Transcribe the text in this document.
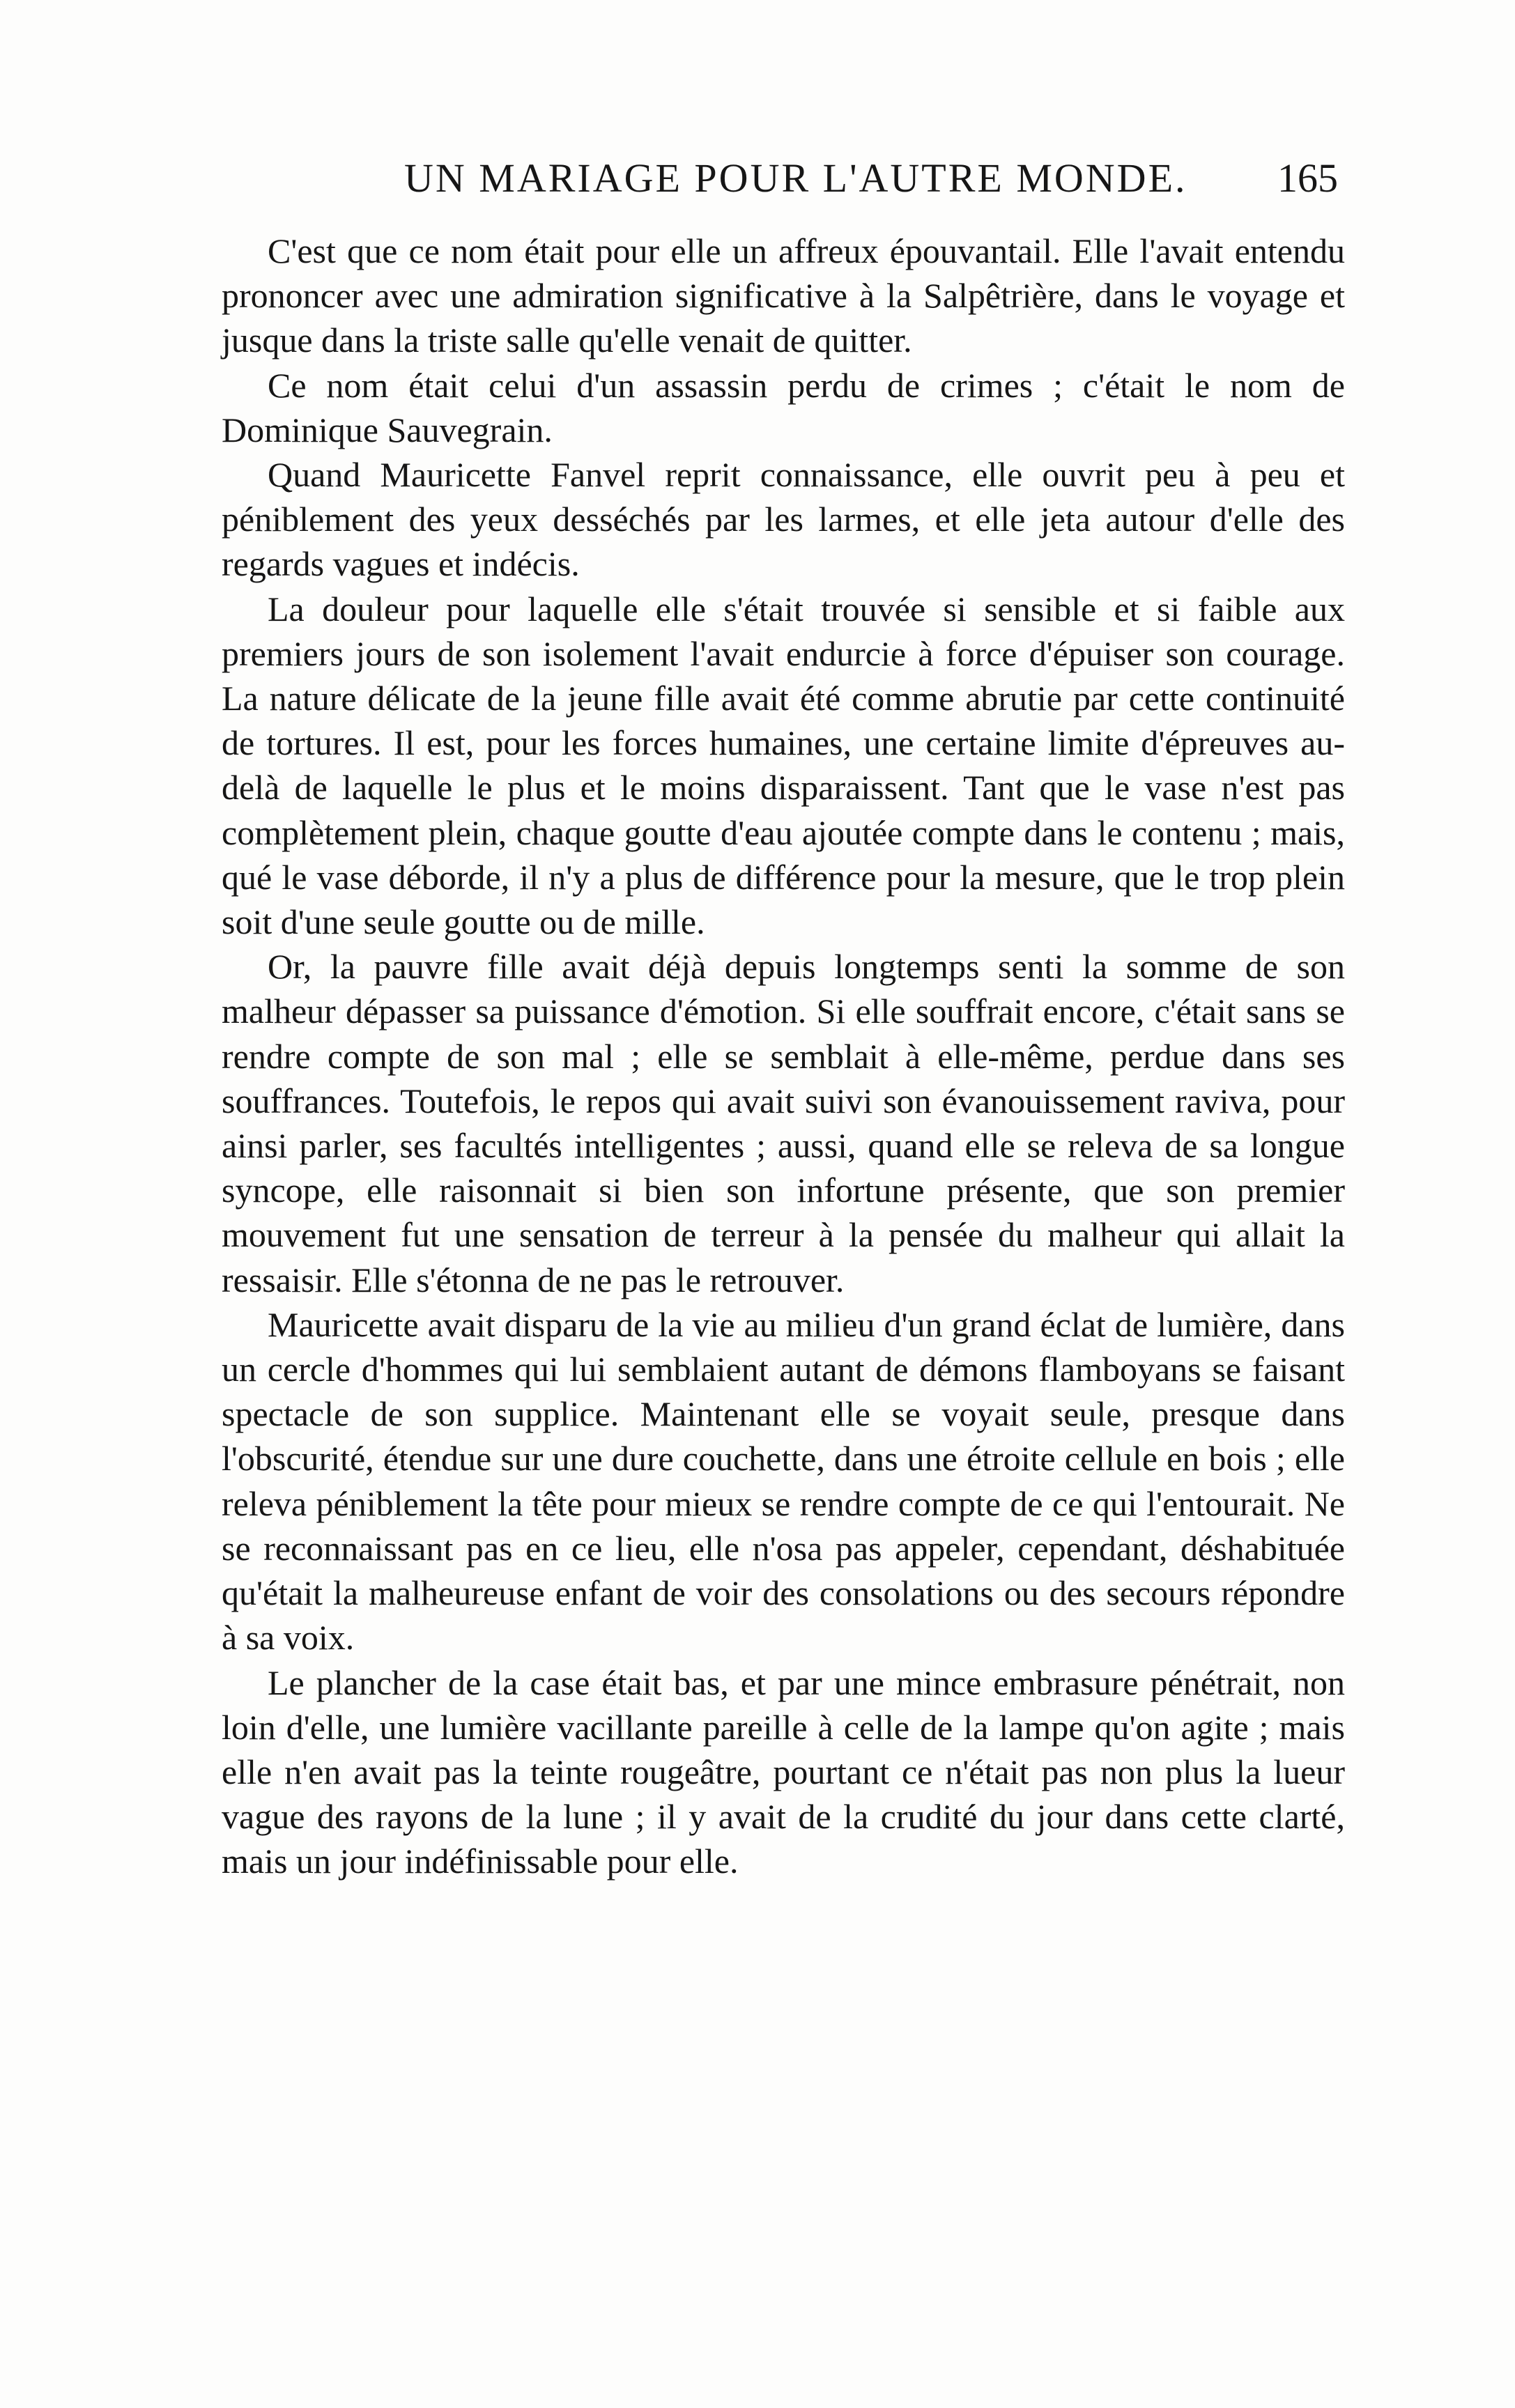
UN MARIAGE POUR L'AUTRE MONDE. 165

C'est que ce nom était pour elle un affreux épouvantail. Elle l'avait entendu prononcer avec une admiration significative à la Salpêtrière, dans le voyage et jusque dans la triste salle qu'elle venait de quitter.

Ce nom était celui d'un assassin perdu de crimes ; c'était le nom de Dominique Sauvegrain.

Quand Mauricette Fanvel reprit connaissance, elle ouvrit peu à peu et péniblement des yeux desséchés par les larmes, et elle jeta autour d'elle des regards vagues et indécis.

La douleur pour laquelle elle s'était trouvée si sensible et si faible aux premiers jours de son isolement l'avait endurcie à force d'épuiser son courage. La nature délicate de la jeune fille avait été comme abrutie par cette continuité de tortures. Il est, pour les forces humaines, une certaine limite d'épreuves au-delà de laquelle le plus et le moins disparaissent. Tant que le vase n'est pas complètement plein, chaque goutte d'eau ajoutée compte dans le contenu ; mais, qué le vase déborde, il n'y a plus de différence pour la mesure, que le trop plein soit d'une seule goutte ou de mille.

Or, la pauvre fille avait déjà depuis longtemps senti la somme de son malheur dépasser sa puissance d'émotion. Si elle souffrait encore, c'était sans se rendre compte de son mal ; elle se semblait à elle-même, perdue dans ses souffrances. Toutefois, le repos qui avait suivi son évanouissement raviva, pour ainsi parler, ses facultés intelligentes ; aussi, quand elle se releva de sa longue syncope, elle raisonnait si bien son infortune présente, que son premier mouvement fut une sensation de terreur à la pensée du malheur qui allait la ressaisir. Elle s'étonna de ne pas le retrouver.

Mauricette avait disparu de la vie au milieu d'un grand éclat de lumière, dans un cercle d'hommes qui lui semblaient autant de démons flamboyans se faisant spectacle de son supplice. Maintenant elle se voyait seule, presque dans l'obscurité, étendue sur une dure couchette, dans une étroite cellule en bois ; elle releva péniblement la tête pour mieux se rendre compte de ce qui l'entourait. Ne se reconnaissant pas en ce lieu, elle n'osa pas appeler, cependant, déshabituée qu'était la malheureuse enfant de voir des consolations ou des secours répondre à sa voix.

Le plancher de la case était bas, et par une mince embrasure pénétrait, non loin d'elle, une lumière vacillante pareille à celle de la lampe qu'on agite ; mais elle n'en avait pas la teinte rougeâtre, pourtant ce n'était pas non plus la lueur vague des rayons de la lune ; il y avait de la crudité du jour dans cette clarté, mais un jour indéfinissable pour elle.
